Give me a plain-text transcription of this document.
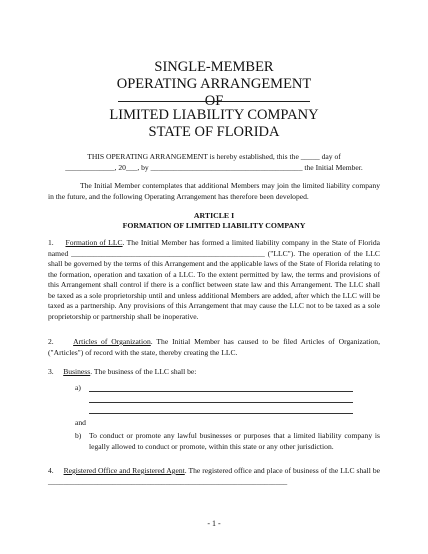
SINGLE-MEMBER
OPERATING ARRANGEMENT
OF
LIMITED LIABILITY COMPANY
STATE OF FLORIDA
THIS OPERATING ARRANGEMENT is hereby established, this the _____ day of
_____________, 20___, by ________________________________________ the Initial Member.
The Initial Member contemplates that additional Members may join the limited liability company in the future, and the following Operating Arrangement has therefore been developed.
ARTICLE I
FORMATION OF LIMITED LIABILITY COMPANY
1. Formation of LLC. The Initial Member has formed a limited liability company in the State of Florida named ___________________________________________________ ("LLC"). The operation of the LLC shall be governed by the terms of this Arrangement and the applicable laws of the State of Florida relating to the formation, operation and taxation of a LLC. To the extent permitted by law, the terms and provisions of this Arrangement shall control if there is a conflict between state law and this Arrangement. The LLC shall be taxed as a sole proprietorship until and unless additional Members are added, after which the LLC will be taxed as a partnership. Any provisions of this Arrangement that may cause the LLC not to be taxed as a sole proprietorship or partnership shall be inoperative.
2.	Articles of Organization. The Initial Member has caused to be filed Articles of Organization, ("Articles") of record with the state, thereby creating the LLC.
3. Business. The business of the LLC shall be:
a)
and
b) To conduct or promote any lawful businesses or purposes that a limited liability company is legally allowed to conduct or promote, within this state or any other jurisdiction.
4. Registered Office and Registered Agent. The registered office and place of business of the LLC shall be _______________________________________________________________
- 1 -
